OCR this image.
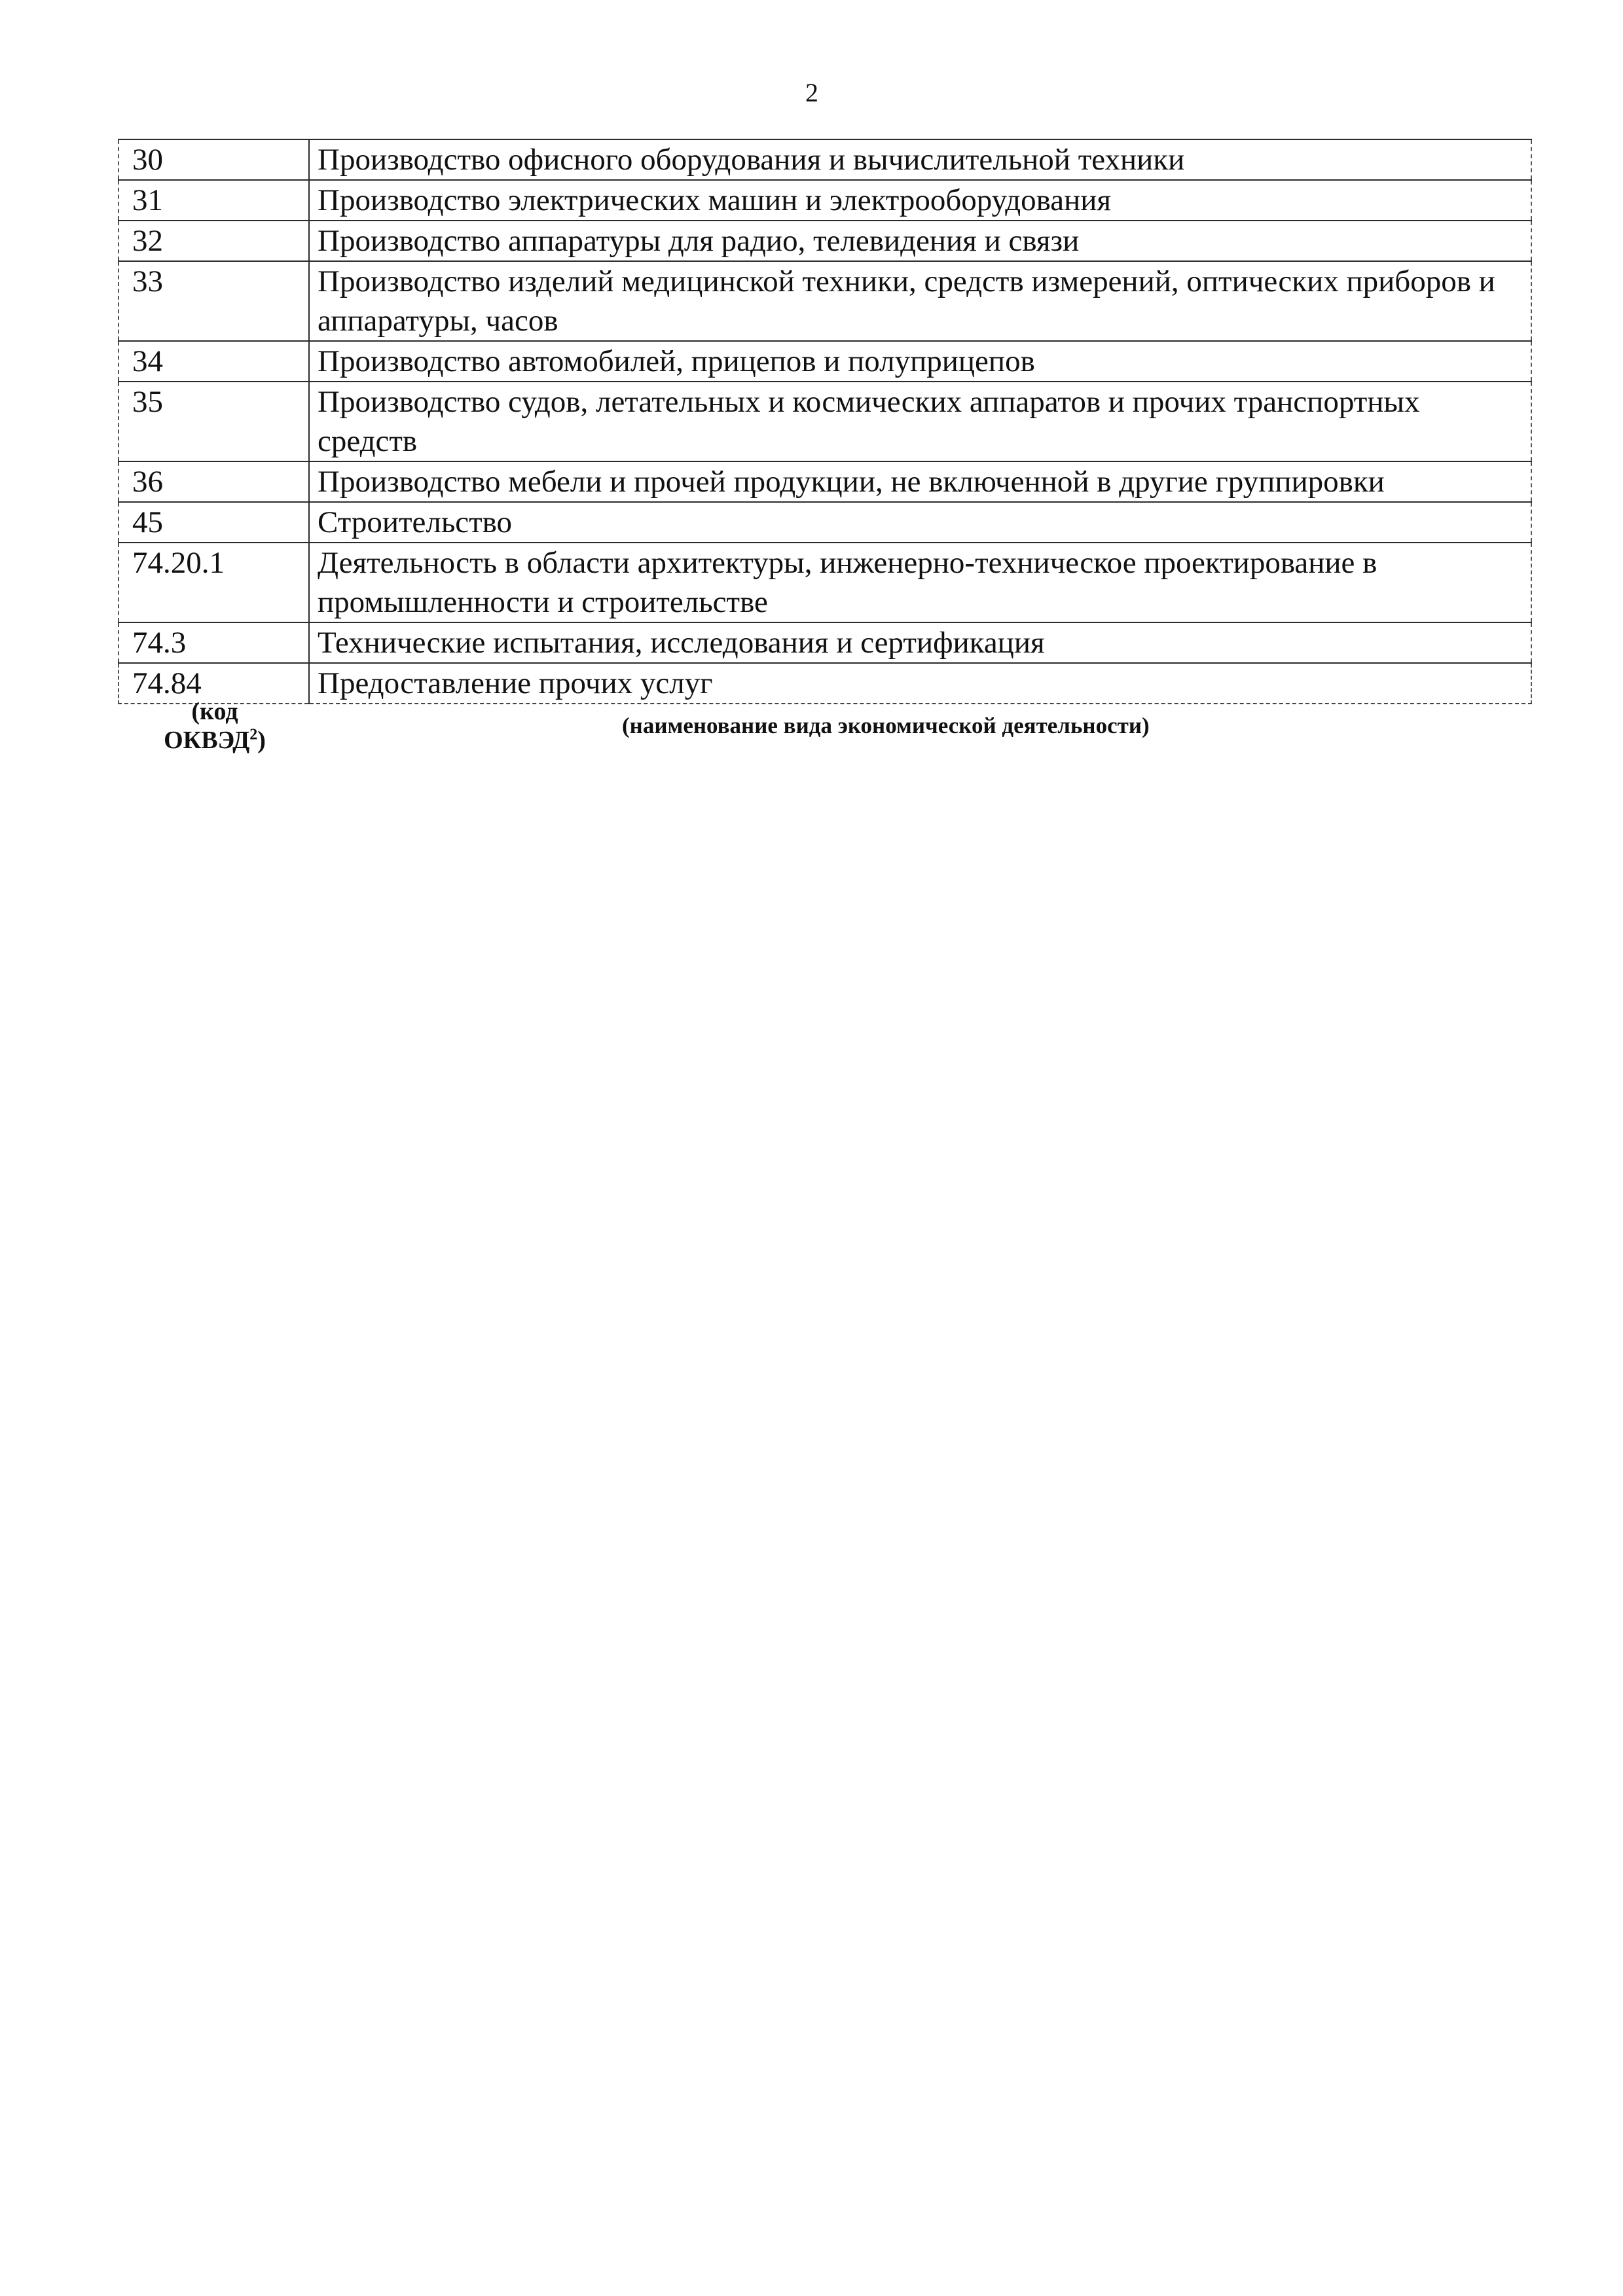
2
30	Производство офисного оборудования и вычислительной техники
31	Производство электрических машин и электрооборудования
32	Производство аппаратуры для радио, телевидения и связи
33	Производство изделий медицинской техники, средств измерений, оптических приборов и аппаратуры, часов
34	Производство автомобилей, прицепов и полуприцепов
35	Производство судов, летательных и космических аппаратов и прочих транспортных средств
36	Производство мебели и прочей продукции, не включенной в другие группировки
45	Строительство
74.20.1	Деятельность в области архитектуры, инженерно-техническое проектирование в промышленности и строительстве
74.3	Технические испытания, исследования и сертификация
74.84	Предоставление прочих услуг
(код
ОКВЭД$^2$)
(наименование вида экономической деятельности)
